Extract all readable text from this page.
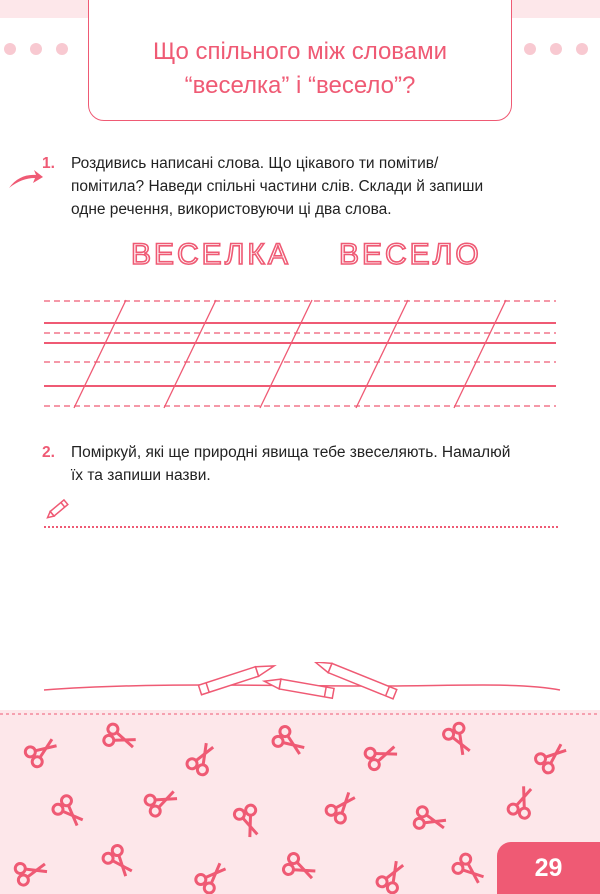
Що спільного між словами
“веселка” і “весело”?
1.	Роздивись написані слова. Що цікавого ти помітив/
помітила? Наведи спільні частини слів. Склади й запиши
одне речення, використовуючи ці два слова.
ВЕСЕЛКА ВЕСЕЛО
2.	Поміркуй, які ще природні явища тебе звеселяють. Намалюй
їх та запиши назви.
29
